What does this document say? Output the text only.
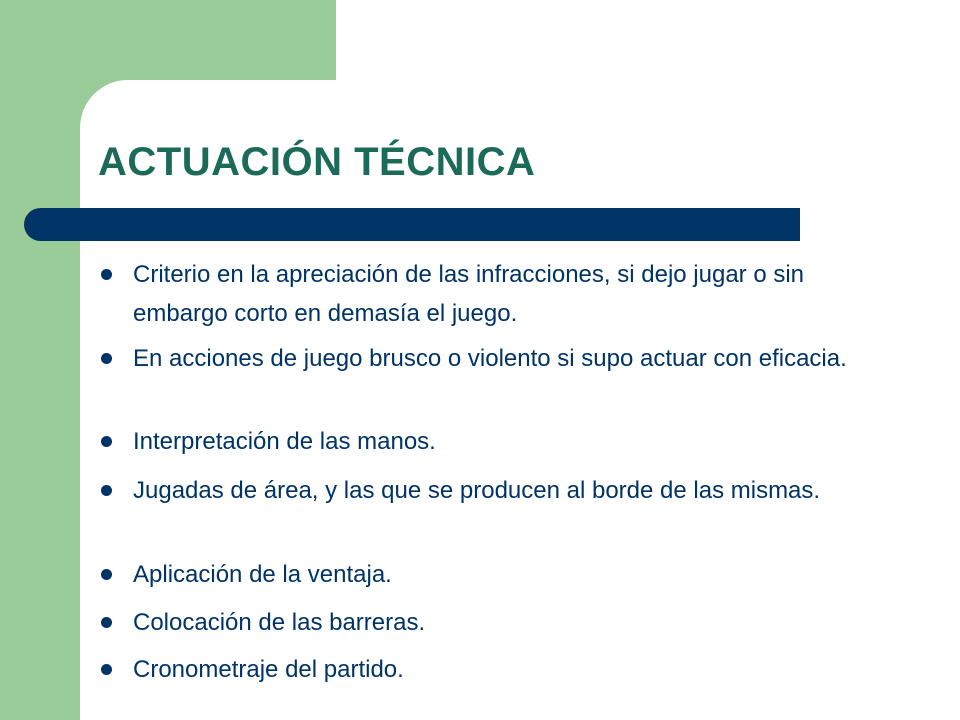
ACTUACIÓN TÉCNICA
Criterio en la apreciación de las infracciones, si dejo jugar o sin embargo corto en demasía el juego.
En acciones de juego brusco o violento si supo actuar con eficacia.
Interpretación de las manos.
Jugadas de área, y las que se producen al borde de las mismas.
Aplicación de la ventaja.
Colocación de las barreras.
Cronometraje del partido.
